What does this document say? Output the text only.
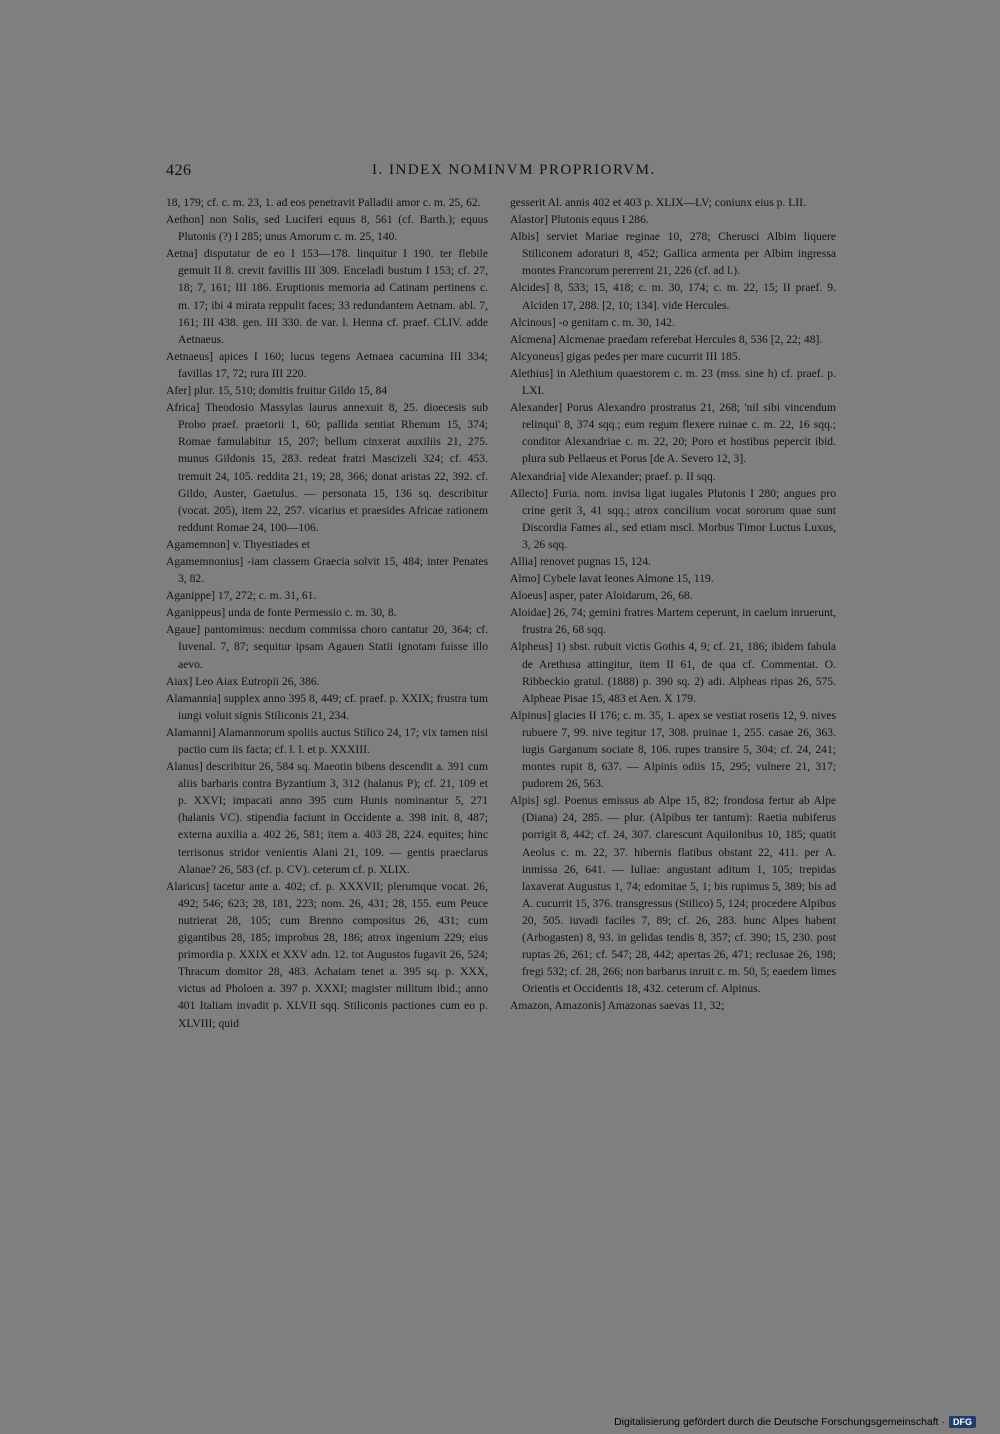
426	I. INDEX NOMINVM PROPRIORVM.

18, 179; cf. c. m. 23, 1. ad eos penetravit Palladii amor c. m. 25, 62.

Aethon] non Solis, sed Luciferi equus 8, 561 (cf. Barth.); equus Plutonis (?) I 285; unus Amorum c. m. 25, 140.

Aetna] disputatur de eo I 153—178. linquitur I 190. ter flebile gemuit II 8. crevit favillis III 309. Enceladi bustum I 153; cf. 27, 18; 7, 161; III 186. Eruptionis memoria ad Catinam pertinens c. m. 17; ibi 4 mirata reppulit faces; 33 redundantem Aetnam. abl. 7, 161; III 438. gen. III 330. de var. l. Henna cf. praef. CLIV. adde Aetnaeus.

Aetnaeus] apices I 160; lucus tegens Aetnaea cacumina III 334; favillas 17, 72; rura III 220.

Afer] plur. 15, 510; domitis fruitur Gildo 15, 84

Africa] Theodosio Massylas laurus annexuit 8, 25. dioecesis sub Probo praef. praetorii 1, 60; pallida sentiat Rhenum 15, 374; Romae famulabitur 15, 207; bellum cinxerat auxiliis 21, 275. munus Gildonis 15, 283. redeat fratri Mascizeli 324; cf. 453. tremuit 24, 105. reddita 21, 19; 28, 366; donat aristas 22, 392. cf. Gildo, Auster, Gaetulus. — personata 15, 136 sq. describitur (vocat. 205), item 22, 257. vicarius et praesides Africae rationem reddunt Romae 24, 100—106.

Agamemnon] v. Thyestiades et

Agamemnonius] -iam classem Graecia solvit 15, 484; inter Penates 3, 82.

Aganippe] 17, 272; c. m. 31, 61.

Aganippeus] unda de fonte Permessio c. m. 30, 8.

Agaue] pantomimus: necdum commissa choro cantatur 20, 364; cf. Iuvenal. 7, 87; sequitur ipsam Agauen Statii ignotam fuisse illo aevo.

Aiax] Leo Aiax Eutropii 26, 386.

Alamannia] supplex anno 395 8, 449; cf. praef. p. XXIX; frustra tum iungi voluit signis Stiliconis 21, 234.

Alamanni] Alamannorum spoliis auctus Stilico 24, 17; vix tamen nisi pactio cum iis facta; cf. l. l. et p. XXXIII.

Alanus] describitur 26, 584 sq. Maeotin bibens descendit a. 391 cum aliis barbaris contra Byzantium 3, 312 (halanus P); cf. 21, 109 et p. XXVI; impacati anno 395 cum Hunis nominantur 5, 271 (halanis VC). stipendia faciunt in Occidente a. 398 init. 8, 487; externa auxilia a. 402 26, 581; item a. 403 28, 224. equites; hinc terrisonus stridor venientis Alani 21, 109. — gentis praeclarus Alanae? 26, 583 (cf. p. CV). ceterum cf. p. XLIX.

Alaricus] tacetur ante a. 402; cf. p. XXXVII; plerumque vocat. 26, 492; 546; 623; 28, 181, 223; nom. 26, 431; 28, 155. eum Peuce nutrierat 28, 105; cum Brenno compositus 26, 431; cum gigantibus 28, 185; improbus 28, 186; atrox ingenium 229; eius primordia p. XXIX et XXV adn. 12. tot Augustos fugavit 26, 524; Thracum domitor 28, 483. Achaiam tenet a. 395 sq. p. XXX, victus ad Pholoen a. 397 p. XXXI; magister militum ibid.; anno 401 Italiam invadit p. XLVII sqq. Stiliconis pactiones cum eo p. XLVIII; quid

gesserit Al. annis 402 et 403 p. XLIX—LV; coniunx eius p. LII.

Alastor] Plutonis equus I 286.

Albis] serviet Mariae reginae 10, 278; Cherusci Albim liquere Stiliconem adoraturi 8, 452; Gallica armenta per Albim ingressa montes Francorum pererrent 21, 226 (cf. ad l.).

Alcides] 8, 533; 15, 418; c. m. 30, 174; c. m. 22, 15; II praef. 9. Alciden 17, 288. [2, 10; 134]. vide Hercules.

Alcinous] -o genitam c. m. 30, 142.

Alcmena] Alcmenae praedam referebat Hercules 8, 536 [2, 22; 48].

Alcyoneus] gigas pedes per mare cucurrit III 185.

Alethius] in Alethium quaestorem c. m. 23 (mss. sine h) cf. praef. p. LXI.

Alexander] Porus Alexandro prostratus 21, 268; 'nil sibi vincendum relinqui' 8, 374 sqq.; eum regum flexere ruinae c. m. 22, 16 sqq.; conditor Alexandriae c. m. 22, 20; Poro et hostibus pepercit ibid. plura sub Pellaeus et Porus [de A. Severo 12, 3].

Alexandria] vide Alexander; praef. p. II sqq.

Allecto] Furia. nom. invisa ligat iugales Plutonis I 280; angues pro crine gerit 3, 41 sqq.; atrox concilium vocat sororum quae sunt Discordia Fames al., sed etiam mscl. Morbus Timor Luctus Luxus, 3, 26 sqq.

Allia] renovet pugnas 15, 124.

Almo] Cybele lavat leones Almone 15, 119.

Aloeus] asper, pater Aloidarum, 26, 68.

Aloidae] 26, 74; gemini fratres Martem ceperunt, in caelum inruerunt, frustra 26, 68 sqq.

Alpheus] 1) sbst. rubuit victis Gothis 4, 9; cf. 21, 186; ibidem fabula de Arethusa attingitur, item II 61, de qua cf. Commentat. O. Ribbeckio gratul. (1888) p. 390 sq. 2) adi. Alpheas ripas 26, 575. Alpheae Pisae 15, 483 et Aen. X 179.

Alpinus] glacies II 176; c. m. 35, 1. apex se vestiat rosetis 12, 9. nives rubuere 7, 99. nive tegitur 17, 308. pruinae 1, 255. casae 26, 363. iugis Garganum sociate 8, 106. rupes transire 5, 304; cf. 24, 241; montes rupit 8, 637. — Alpinis odiis 15, 295; vulnere 21, 317; pudorem 26, 563.

Alpis] sgl. Poenus emissus ab Alpe 15, 82; frondosa fertur ab Alpe (Diana) 24, 285. — plur. (Alpibus ter tantum): Raetia nubiferus porrigit 8, 442; cf. 24, 307. clarescunt Aquilonibus 10, 185; quatit Aeolus c. m. 22, 37. hibernis flatibus obstant 22, 411. per A. inmissa 26, 641. — Iuliae: angustant aditum 1, 105; trepidas laxaverat Augustus 1, 74; edomitae 5, 1; bis rupimus 5, 389; bis ad A. cucurrit 15, 376. transgressus (Stilico) 5, 124; procedere Alpibus 20, 505. iuvadi faciles 7, 89; cf. 26, 283. hunc Alpes habent (Arbogasten) 8, 93. in gelidas tendis 8, 357; cf. 390; 15, 230. post ruptas 26, 261; cf. 547; 28, 442; apertas 26, 471; reclusae 26, 198; fregi 532; cf. 28, 266; non barbarus inruit c. m. 50, 5; eaedem limes Orientis et Occidentis 18, 432. ceterum cf. Alpinus.

Amazon, Amazonis] Amazonas saevas 11, 32;

Digitalisierung gefördert durch die Deutsche Forschungsgemeinschaft · DFG
